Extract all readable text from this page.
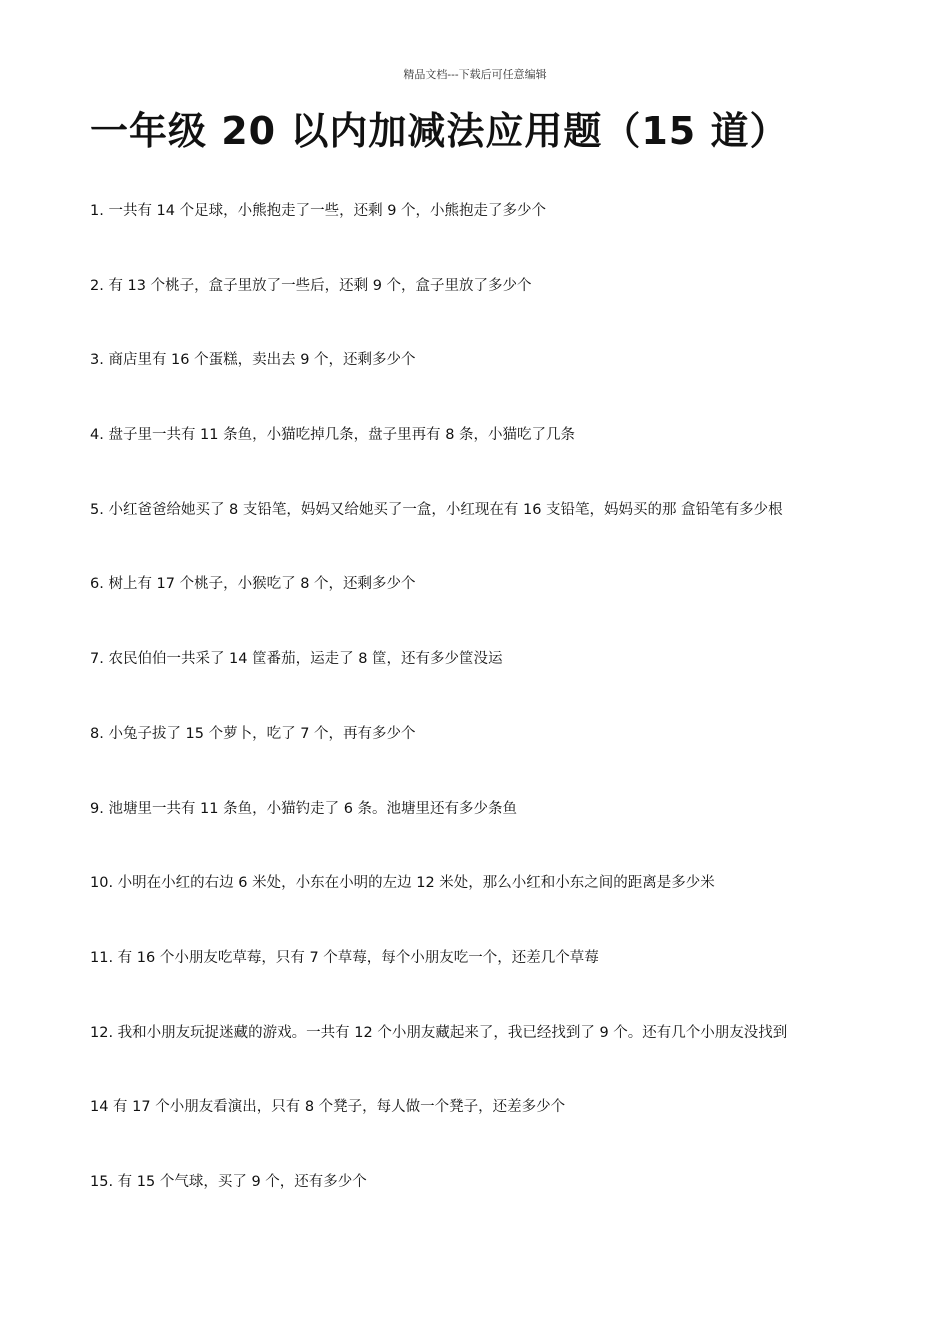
精品文档---下载后可任意编辑
一年级 20 以内加减法应用题（15 道）
1. 一共有 14 个足球，小熊抱走了一些，还剩 9 个，小熊抱走了多少个
2. 有 13 个桃子，盒子里放了一些后，还剩 9 个，盒子里放了多少个
3. 商店里有 16 个蛋糕，卖出去 9 个，还剩多少个
4. 盘子里一共有 11 条鱼，小猫吃掉几条，盘子里再有 8 条，小猫吃了几条
5. 小红爸爸给她买了 8 支铅笔，妈妈又给她买了一盒，小红现在有 16 支铅笔，妈妈买的那 盒铅笔有多少根
6. 树上有 17 个桃子，小猴吃了 8 个，还剩多少个
7. 农民伯伯一共采了 14 筐番茄，运走了 8 筐，还有多少筐没运
8. 小兔子拔了 15 个萝卜，吃了 7 个，再有多少个
9. 池塘里一共有 11 条鱼，小猫钓走了 6 条。池塘里还有多少条鱼
10. 小明在小红的右边 6 米处，小东在小明的左边 12 米处，那么小红和小东之间的距离是多少米
11. 有 16 个小朋友吃草莓，只有 7 个草莓，每个小朋友吃一个，还差几个草莓
12. 我和小朋友玩捉迷藏的游戏。一共有 12 个小朋友藏起来了，我已经找到了 9 个。还有几个小朋友没找到
14 有 17 个小朋友看演出，只有 8 个凳子，每人做一个凳子，还差多少个
15. 有 15 个气球，买了 9 个，还有多少个
